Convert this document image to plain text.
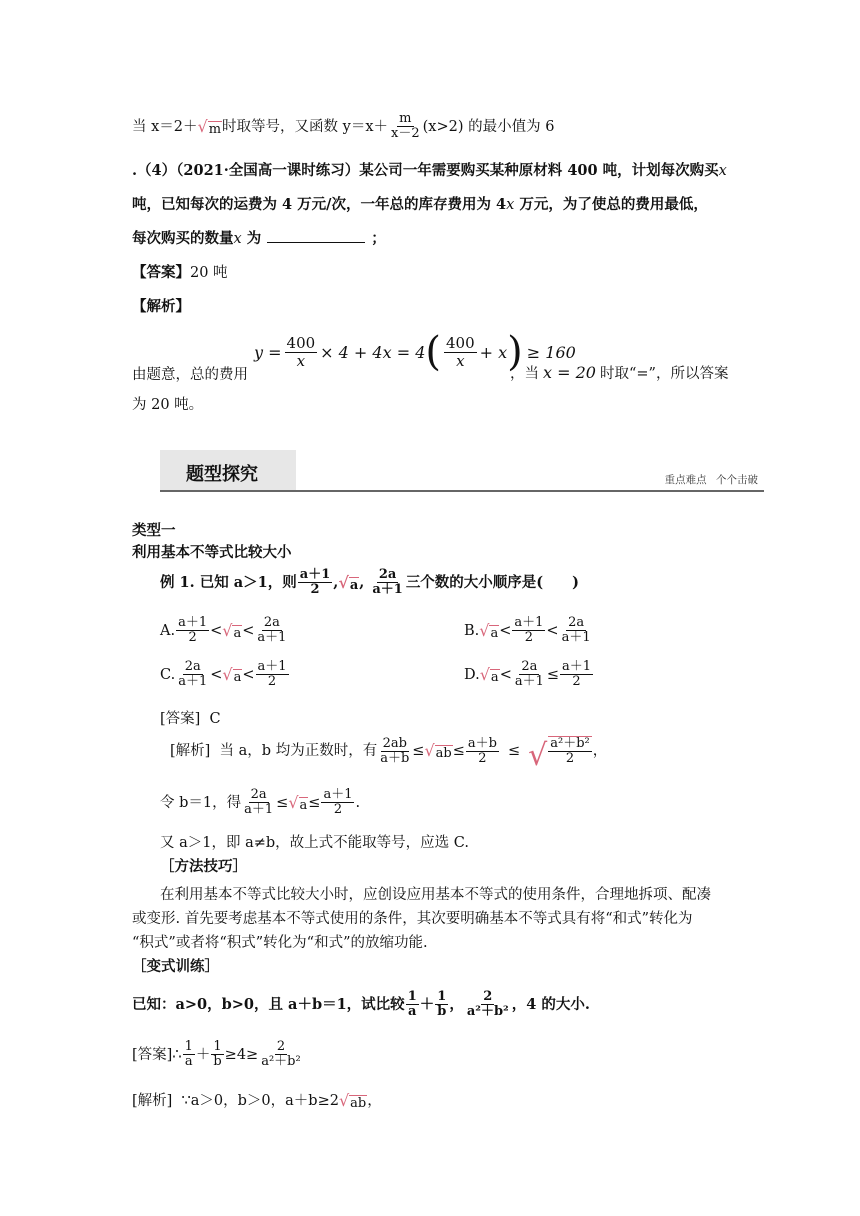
当 x＝2＋ √ m 时取等号，又函数 $y=x+ \frac{m}{x-2} (x>2)$ 的最小值为 6
.（4）（2021·全国高一课时练习）某公司一年需要购买某种原材料 400 吨，计划每次购买x
吨，已知每次的运费为 4 万元/次，一年总的库存费用为 4x 万元，为了使总的费用最低，
每次购买的数量x 为	；
【答案】20 吨
【解析】
$y = \frac{400}{x} \times 4 + 4x = 4$ ( $\frac{400}{x} + x$ ) ≥ 160
由题意，总的费用	，当 x = 20 时取“=”，所以答案
为 20 吨。
题型探究	重点难点 个个击破
类型一
利用基本不等式比较大小
例 1. 已知 a＞1，则 $\frac{a+1}{2}$ , √ a , $\frac{2a}{a+1}$ 三个数的大小顺序是(　　)
A. $\frac{a+1}{2}$ < √ $a < \frac{2a}{a+1}$	B. √ $a < \frac{a+1}{2} < \frac{2a}{a+1}$
C. $\frac{2a}{a+1}$ < √ $a < \frac{a+1}{2}$	D. √ $a < \frac{2a}{a+1} \le \frac{a+1}{2}$
[答案] C
[解析]
当 a，b 均为正数时，有 $\frac{2ab}{a+b}$ ≤ √ ab ≤ $\frac{a+b}{2}$ ≤ √ $\frac{\text{a²＋b²}}{2}$ ，
令 b＝1，得 $\frac{2a}{a+1}$ ≤ √ $a \le \frac{a+1}{2}$ .
又 a＞1，即 a≠b，故上式不能取等号，应选 C.
［方法技巧］
在利用基本不等式比较大小时，应创设应用基本不等式的使用条件，合理地拆项、配凑
或变形. 首先要考虑基本不等式使用的条件，其次要明确基本不等式具有将“和式”转化为
“积式”或者将“积式”转化为“和式”的放缩功能.
［变式训练］
已知：a>0，b>0，且 a＋b＝1，试比较 $\frac{1}{a} + \frac{1}{b}$ ， $\frac{2}{\text{a²＋b²}}$ ，4 的大小.
[答案] ∴ $\frac{1}{a} + \frac{1}{b} \ge 4\ge \frac{2}{\text{a²＋b²}}$
[解析]
∵a＞0，b＞0，a＋b≥2 √ ab ，
